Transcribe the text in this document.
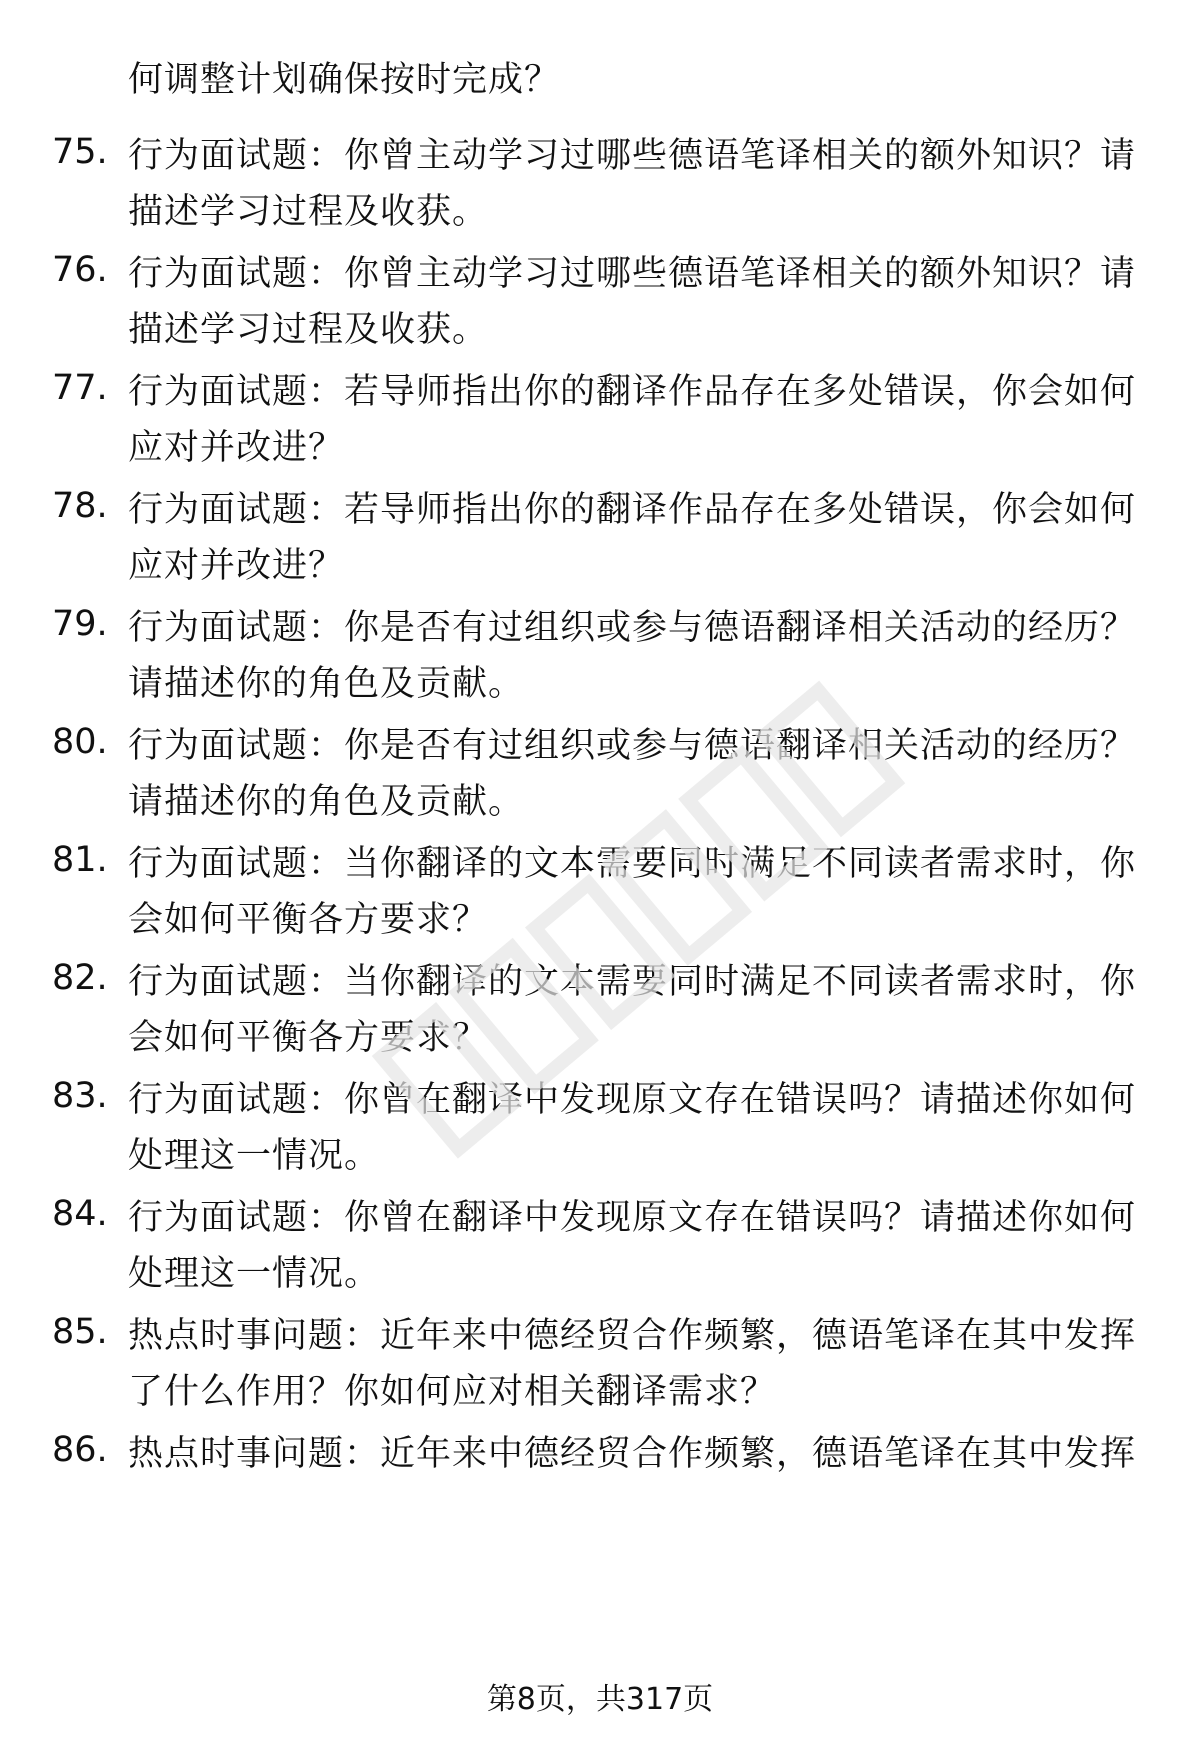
何调整计划确保按时完成？
75. 行为面试题：你曾主动学习过哪些德语笔译相关的额外知识？请描述学习过程及收获。
76. 行为面试题：你曾主动学习过哪些德语笔译相关的额外知识？请描述学习过程及收获。
77. 行为面试题：若导师指出你的翻译作品存在多处错误，你会如何应对并改进？
78. 行为面试题：若导师指出你的翻译作品存在多处错误，你会如何应对并改进？
79. 行为面试题：你是否有过组织或参与德语翻译相关活动的经历？请描述你的角色及贡献。
80. 行为面试题：你是否有过组织或参与德语翻译相关活动的经历？请描述你的角色及贡献。
81. 行为面试题：当你翻译的文本需要同时满足不同读者需求时，你会如何平衡各方要求？
82. 行为面试题：当你翻译的文本需要同时满足不同读者需求时，你会如何平衡各方要求？
83. 行为面试题：你曾在翻译中发现原文存在错误吗？请描述你如何处理这一情况。
84. 行为面试题：你曾在翻译中发现原文存在错误吗？请描述你如何处理这一情况。
85. 热点时事问题：近年来中德经贸合作频繁，德语笔译在其中发挥了什么作用？你如何应对相关翻译需求？
86. 热点时事问题：近年来中德经贸合作频繁，德语笔译在其中发挥
第8页，共317页
